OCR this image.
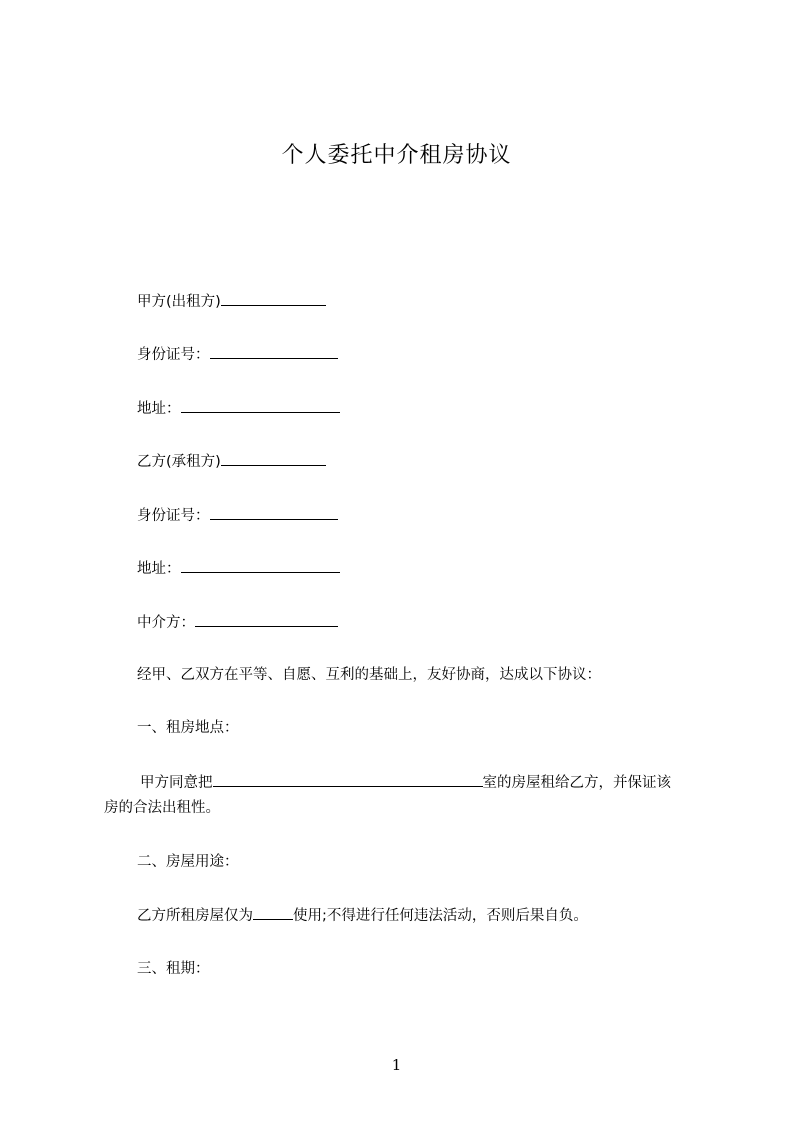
个人委托中介租房协议
甲方(出租方)
身份证号：
地址：
乙方(承租方)
身份证号：
地址：
中介方：
经甲、乙双方在平等、自愿、互利的基础上，友好协商，达成以下协议：
一、租房地点：
甲方同意把	室的房屋租给乙方，并保证该
房的合法出租性。
二、房屋用途：
乙方所租房屋仅为	使用;不得进行任何违法活动，否则后果自负。
三、租期：
1
